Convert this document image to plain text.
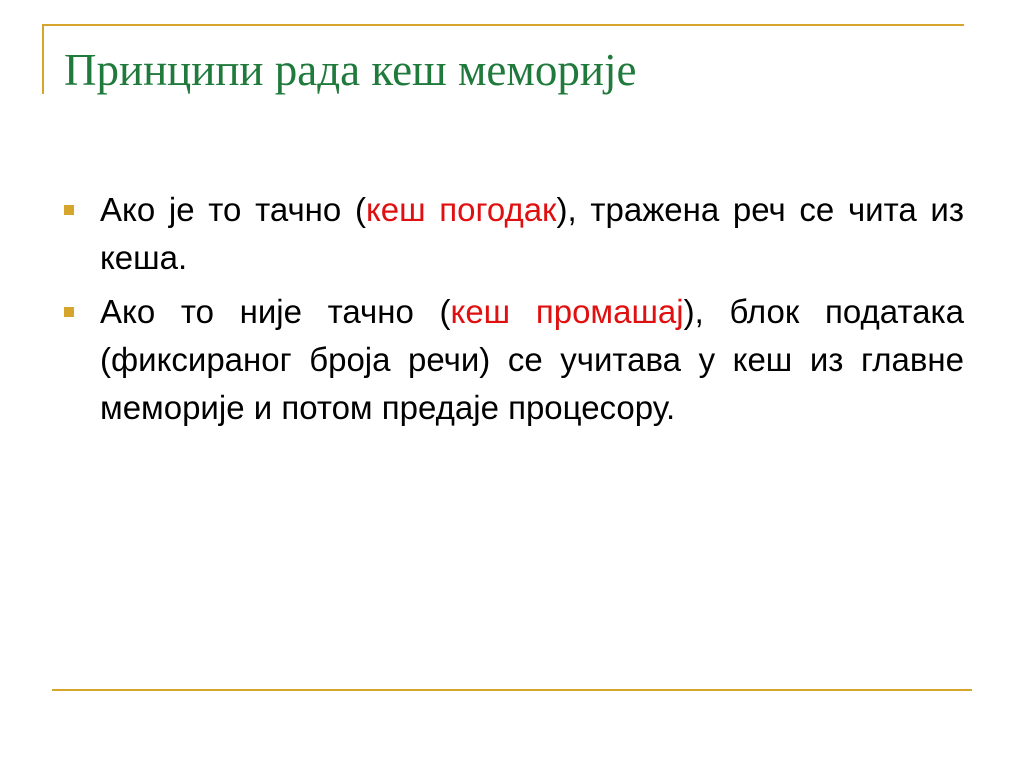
Принципи рада кеш меморије
Ако је то тачно (кеш погодак), тражена реч се чита из кеша.
Ако то није тачно (кеш промашај), блок података (фиксираног броја речи) се учитава у кеш из главне меморије и потом предаје процесору.
